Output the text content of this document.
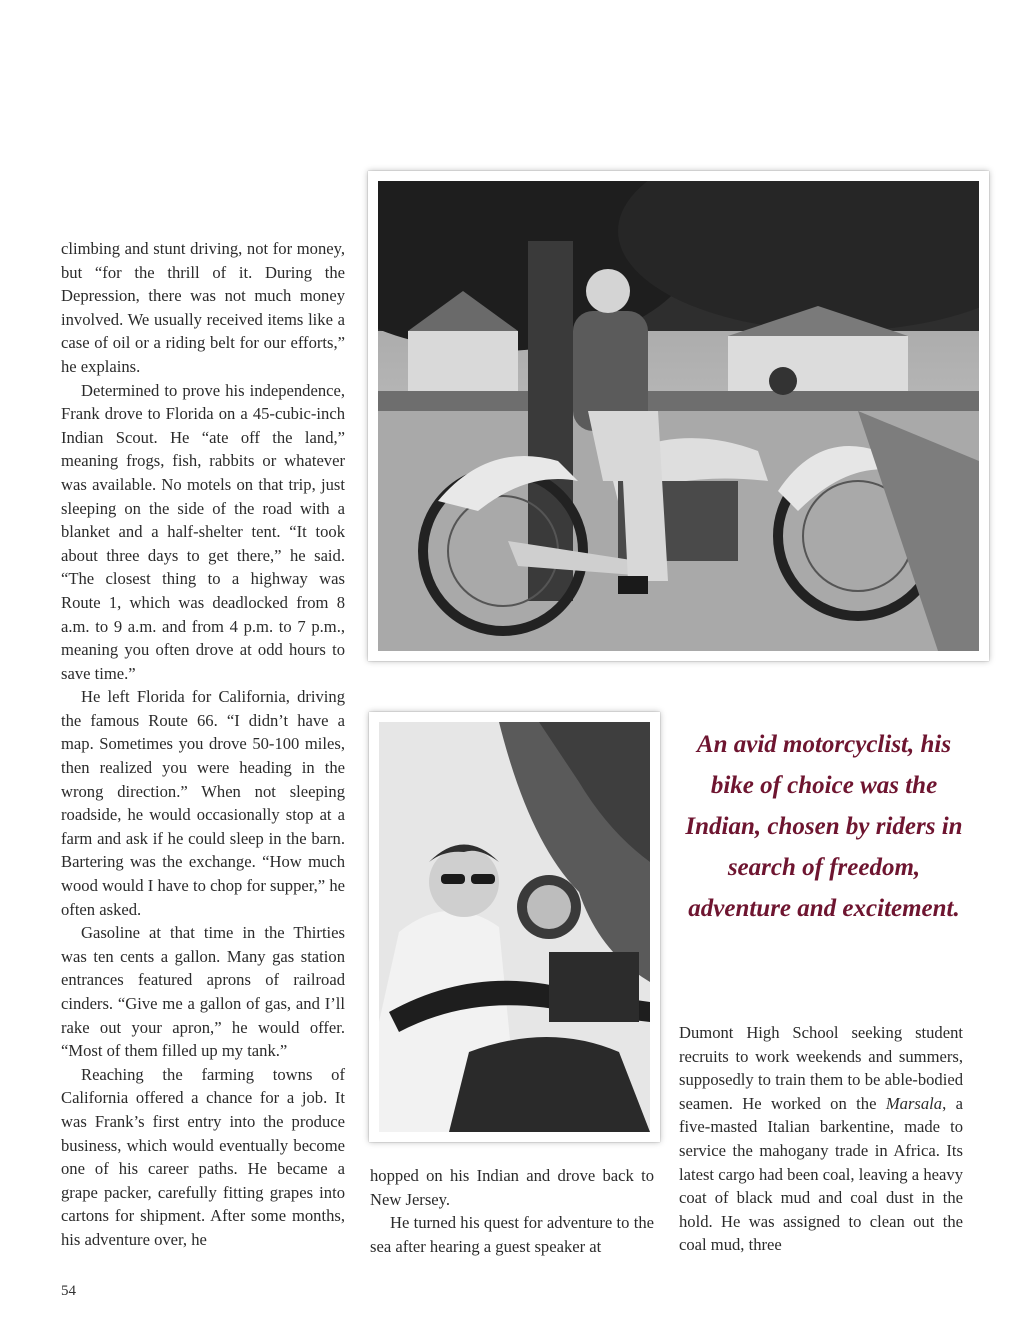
climbing and stunt driving, not for money, but “for the thrill of it. During the Depression, there was not much money involved. We usually received items like a case of oil or a riding belt for our efforts,” he explains.

Determined to prove his independence, Frank drove to Florida on a 45-cubic-inch Indian Scout. He “ate off the land,” meaning frogs, fish, rabbits or whatever was available. No motels on that trip, just sleeping on the side of the road with a blanket and a half-shelter tent. “It took about three days to get there,” he said. “The closest thing to a highway was Route 1, which was deadlocked from 8 a.m. to 9 a.m. and from 4 p.m. to 7 p.m., meaning you often drove at odd hours to save time.”

He left Florida for California, driving the famous Route 66. “I didn’t have a map. Sometimes you drove 50-100 miles, then realized you were heading in the wrong direction.” When not sleeping roadside, he would occasionally stop at a farm and ask if he could sleep in the barn. Bartering was the exchange. “How much wood would I have to chop for supper,” he often asked.

Gasoline at that time in the Thirties was ten cents a gallon. Many gas station entrances featured aprons of railroad cinders. “Give me a gallon of gas, and I’ll rake out your apron,” he would offer. “Most of them filled up my tank.”

Reaching the farming towns of California offered a chance for a job. It was Frank’s first entry into the produce business, which would eventually become one of his career paths. He became a grape packer, carefully fitting grapes into cartons for shipment. After some months, his adventure over, he

An avid motorcyclist, his bike of choice was the Indian, chosen by riders in search of freedom, adventure and excitement.

hopped on his Indian and drove back to New Jersey.

He turned his quest for adventure to the sea after hearing a guest speaker at

Dumont High School seeking student recruits to work weekends and summers, supposedly to train them to be able-bodied seamen. He worked on the Marsala, a five-masted Italian barkentine, made to service the mahogany trade in Africa. Its latest cargo had been coal, leaving a heavy coat of black mud and coal dust in the hold. He was assigned to clean out the coal mud, three

54
